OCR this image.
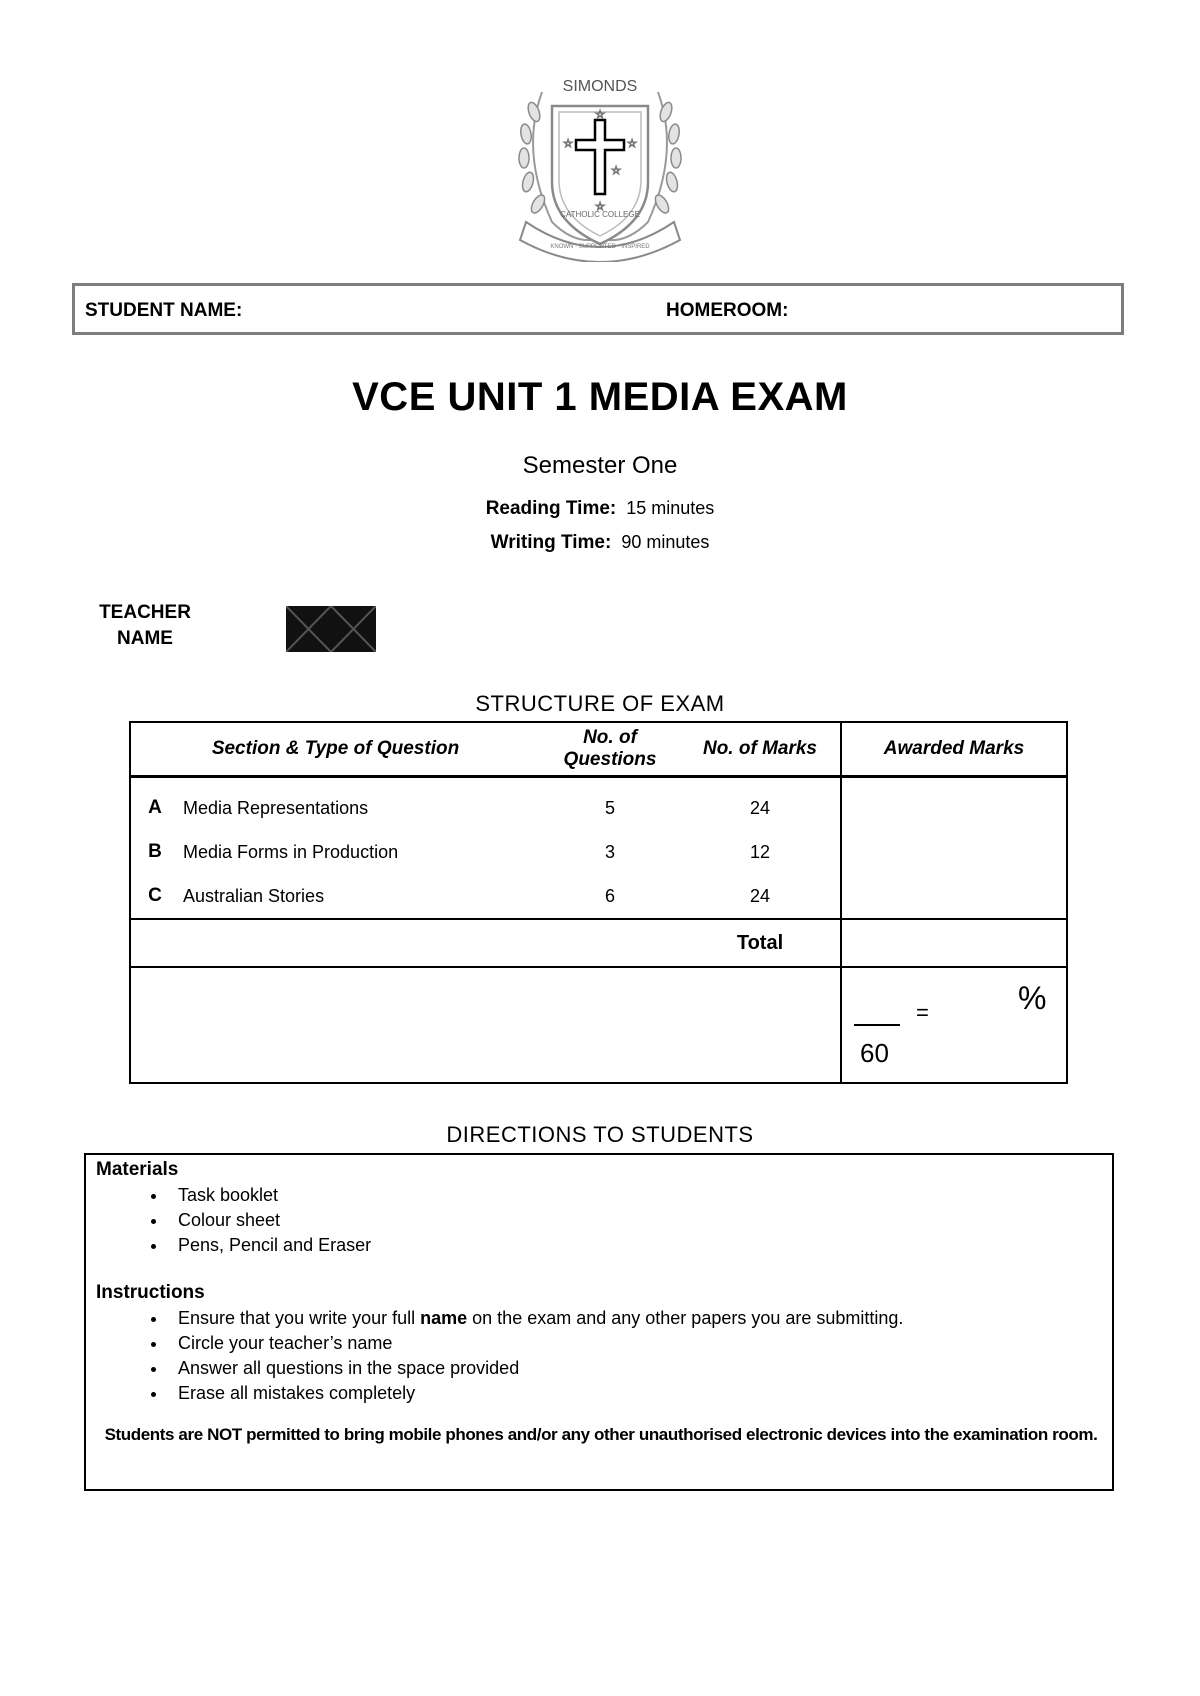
☆
☆	☆
☆
☆
SIMONDS
CATHOLIC COLLEGE
KNOWN · SUPPORTED · INSPIRED
STUDENT NAME:	HOMEROOM:
VCE UNIT 1 MEDIA EXAM
Semester One
Reading Time: 15 minutes
Writing Time: 90 minutes
TEACHER
NAME
STRUCTURE OF EXAM
Section & Type of Question		No. of Questions	No. of Marks	Awarded Marks
A	Media Representations	5	24	
B	Media Forms in Production	3	12	
C	Australian Stories	6	24	
			Total	

				= %
60
DIRECTIONS TO STUDENTS
Materials
• Task booklet
• Colour sheet
• Pens, Pencil and Eraser
Instructions
• Ensure that you write your full name on the exam and any other papers you are submitting.
• Circle your teacher’s name
• Answer all questions in the space provided
• Erase all mistakes completely
Students are NOT permitted to bring mobile phones and/or any other unauthorised electronic devices into the examination room.
